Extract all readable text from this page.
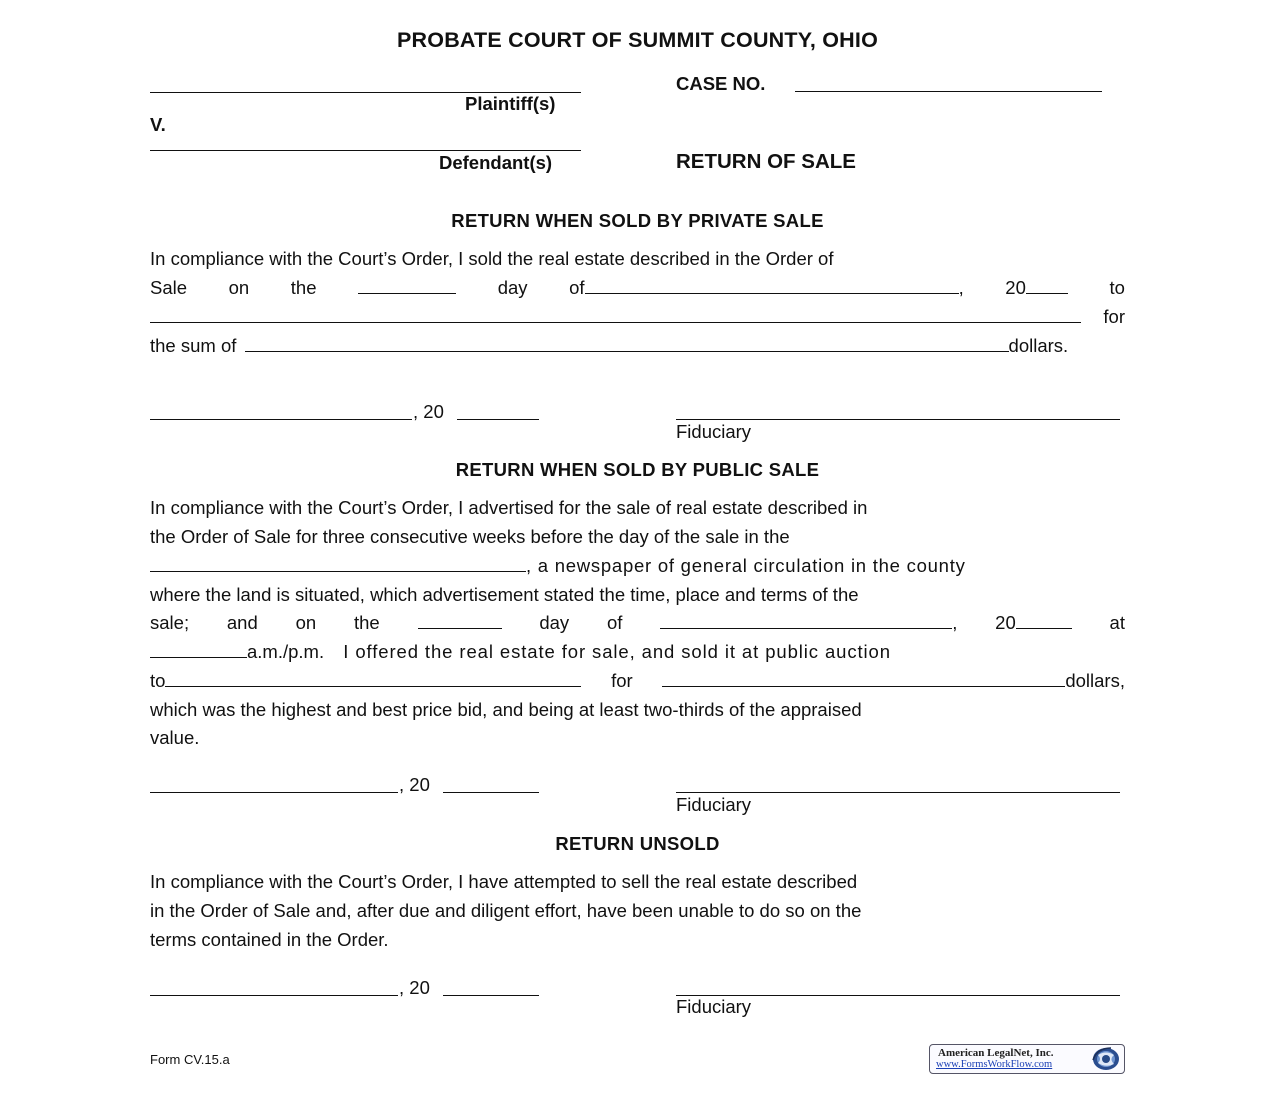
PROBATE COURT OF SUMMIT COUNTY, OHIO
Plaintiff(s)
V.
Defendant(s)
CASE NO.
RETURN OF SALE
RETURN WHEN SOLD BY PRIVATE SALE
In compliance with the Court’s Order, I sold the real estate described in the Order of
Sale on the	day of	, 20	to
for
the sum of	dollars.
, 20
Fiduciary
RETURN WHEN SOLD BY PUBLIC SALE
In compliance with the Court’s Order, I advertised for the sale of real estate described in
the Order of Sale for three consecutive weeks before the day of the sale in the
, a newspaper of general circulation in the county
where the land is situated, which advertisement stated the time, place and terms of the
sale; and on the	day of	, 20	at
a.m./p.m. I offered the real estate for sale, and sold it at public auction
to	for	dollars,
which was the highest and best price bid, and being at least two-thirds of the appraised
value.
, 20
Fiduciary
RETURN UNSOLD
In compliance with the Court’s Order, I have attempted to sell the real estate described
in the Order of Sale and, after due and diligent effort, have been unable to do so on the
terms contained in the Order.
, 20
Fiduciary
Form CV.15.a	American LegalNet, Inc.
www.FormsWorkFlow.com
